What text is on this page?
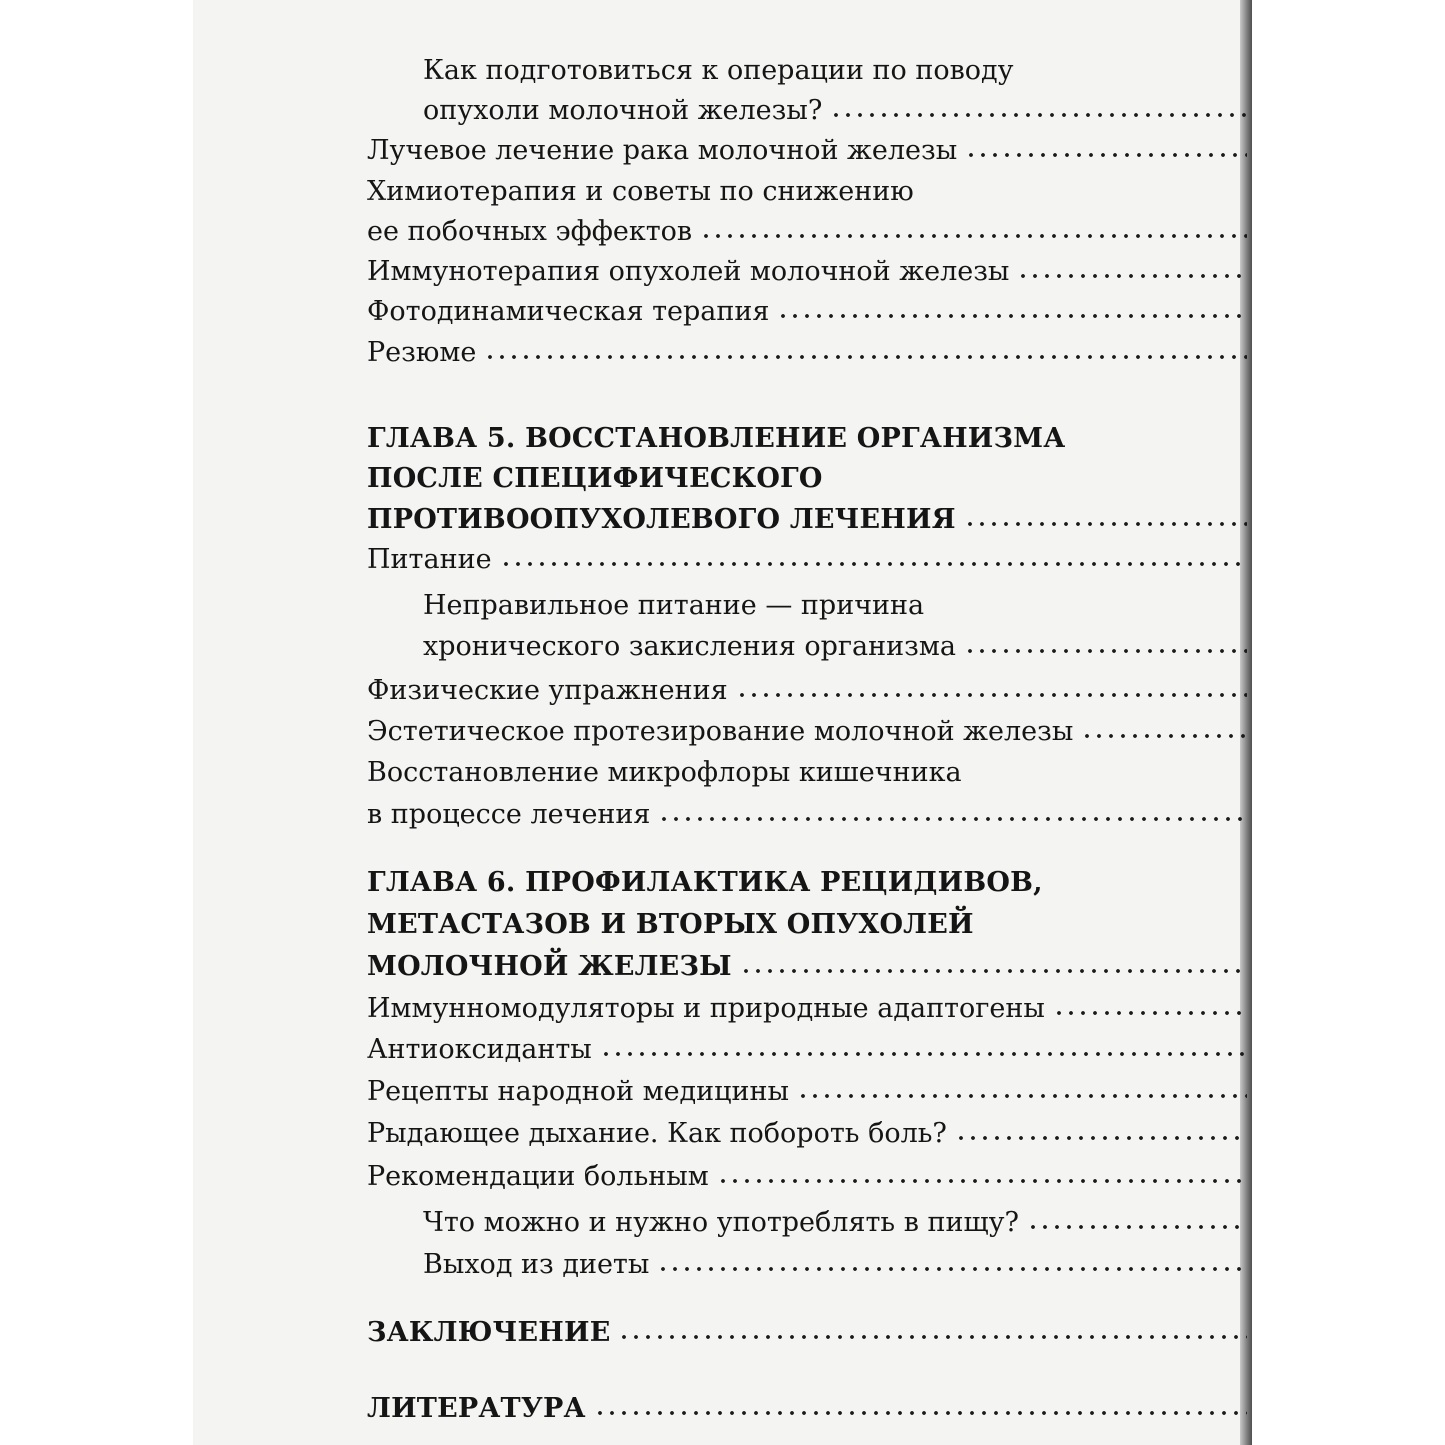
Как подготовиться к операции по поводу
опухоли молочной железы?
Лучевое лечение рака молочной железы
Химиотерапия и советы по снижению
ее побочных эффектов
Иммунотерапия опухолей молочной железы
Фотодинамическая терапия
Резюме
ГЛАВА 5. ВОССТАНОВЛЕНИЕ ОРГАНИЗМА
ПОСЛЕ СПЕЦИФИЧЕСКОГО
ПРОТИВООПУХОЛЕВОГО ЛЕЧЕНИЯ
Питание
Неправильное питание — причина
хронического закисления организма
Физические упражнения
Эстетическое протезирование молочной железы
Восстановление микрофлоры кишечника
в процессе лечения
ГЛАВА 6. ПРОФИЛАКТИКА РЕЦИДИВОВ,
МЕТАСТАЗОВ И ВТОРЫХ ОПУХОЛЕЙ
МОЛОЧНОЙ ЖЕЛЕЗЫ
Иммунномодуляторы и природные адаптогены
Антиоксиданты
Рецепты народной медицины
Рыдающее дыхание. Как побороть боль?
Рекомендации больным
Что можно и нужно употреблять в пищу?
Выход из диеты
ЗАКЛЮЧЕНИЕ
ЛИТЕРАТУРА
